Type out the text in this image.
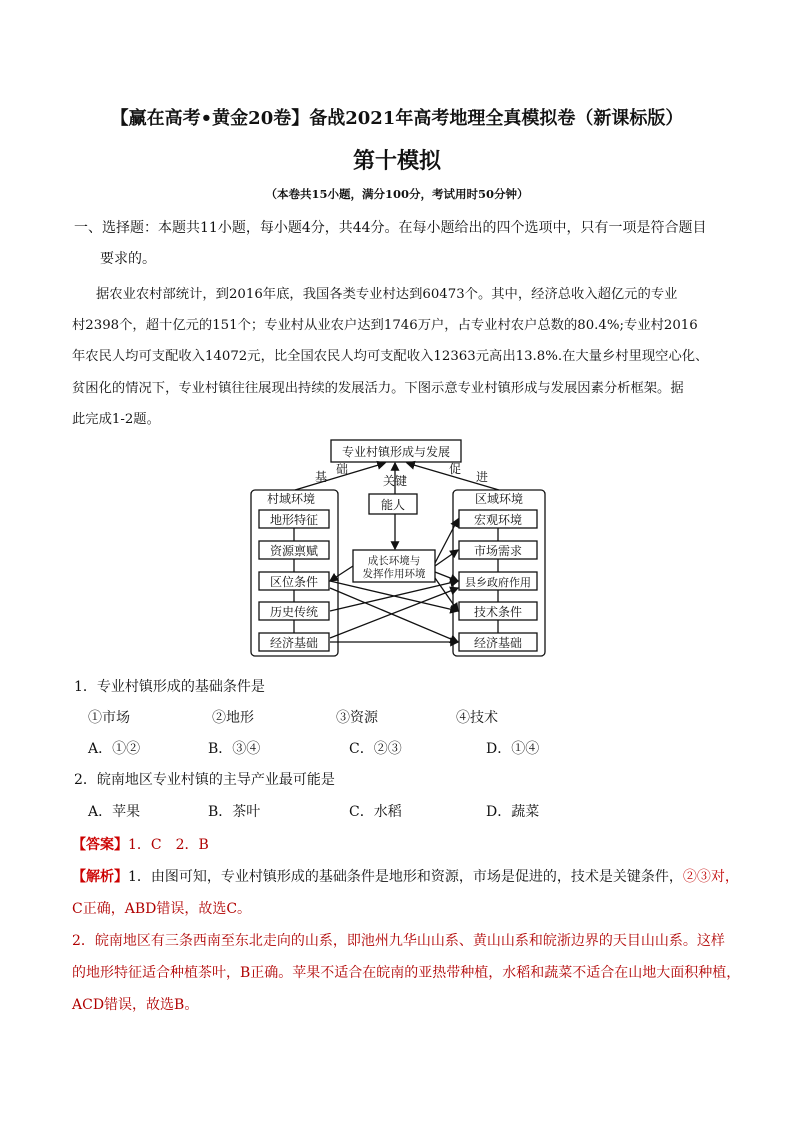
【赢在高考•黄金20卷】备战2021年高考地理全真模拟卷（新课标版）
第十模拟
（本卷共15小题，满分100分，考试用时50分钟）
一、选择题：本题共11小题，每小题4分，共44分。在每小题给出的四个选项中，只有一项是符合题目
要求的。
据农业农村部统计，到2016年底，我国各类专业村达到60473个。其中，经济总收入超亿元的专业
村2398个，超十亿元的151个；专业村从业农户达到1746万户，占专业村农户总数的80.4%;专业村2016
年农民人均可支配收入14072元，比全国农民人均可支配收入12363元高出13.8%.在大量乡村里现空心化、
贫困化的情况下，专业村镇往往展现出持续的发展活力。下图示意专业村镇形成与发展因素分析框架。据
此完成1-2题。
专业村镇形成与发展
基
础
关键
促
进
村域环境	区域环境
能人
成长环境与
发挥作用环境
地形特征
资源禀赋
区位条件
历史传统
经济基础
宏观环境
市场需求
县乡政府作用
技术条件
经济基础
1．专业村镇形成的基础条件是
①市场	②地形	③资源	④技术
A．①②	B．③④	C．②③	D．①④
2．皖南地区专业村镇的主导产业最可能是
A．苹果	B．茶叶	C．水稻	D．蔬菜
【答案】1．C　2．B
【解析】1．由图可知，专业村镇形成的基础条件是地形和资源，市场是促进的，技术是关键条件，②③对，
C正确，ABD错误，故选C。
2．皖南地区有三条西南至东北走向的山系，即池州九华山山系、黄山山系和皖浙边界的天目山山系。这样
的地形特征适合种植茶叶，B正确。苹果不适合在皖南的亚热带种植，水稻和蔬菜不适合在山地大面积种植，
ACD错误，故选B。
